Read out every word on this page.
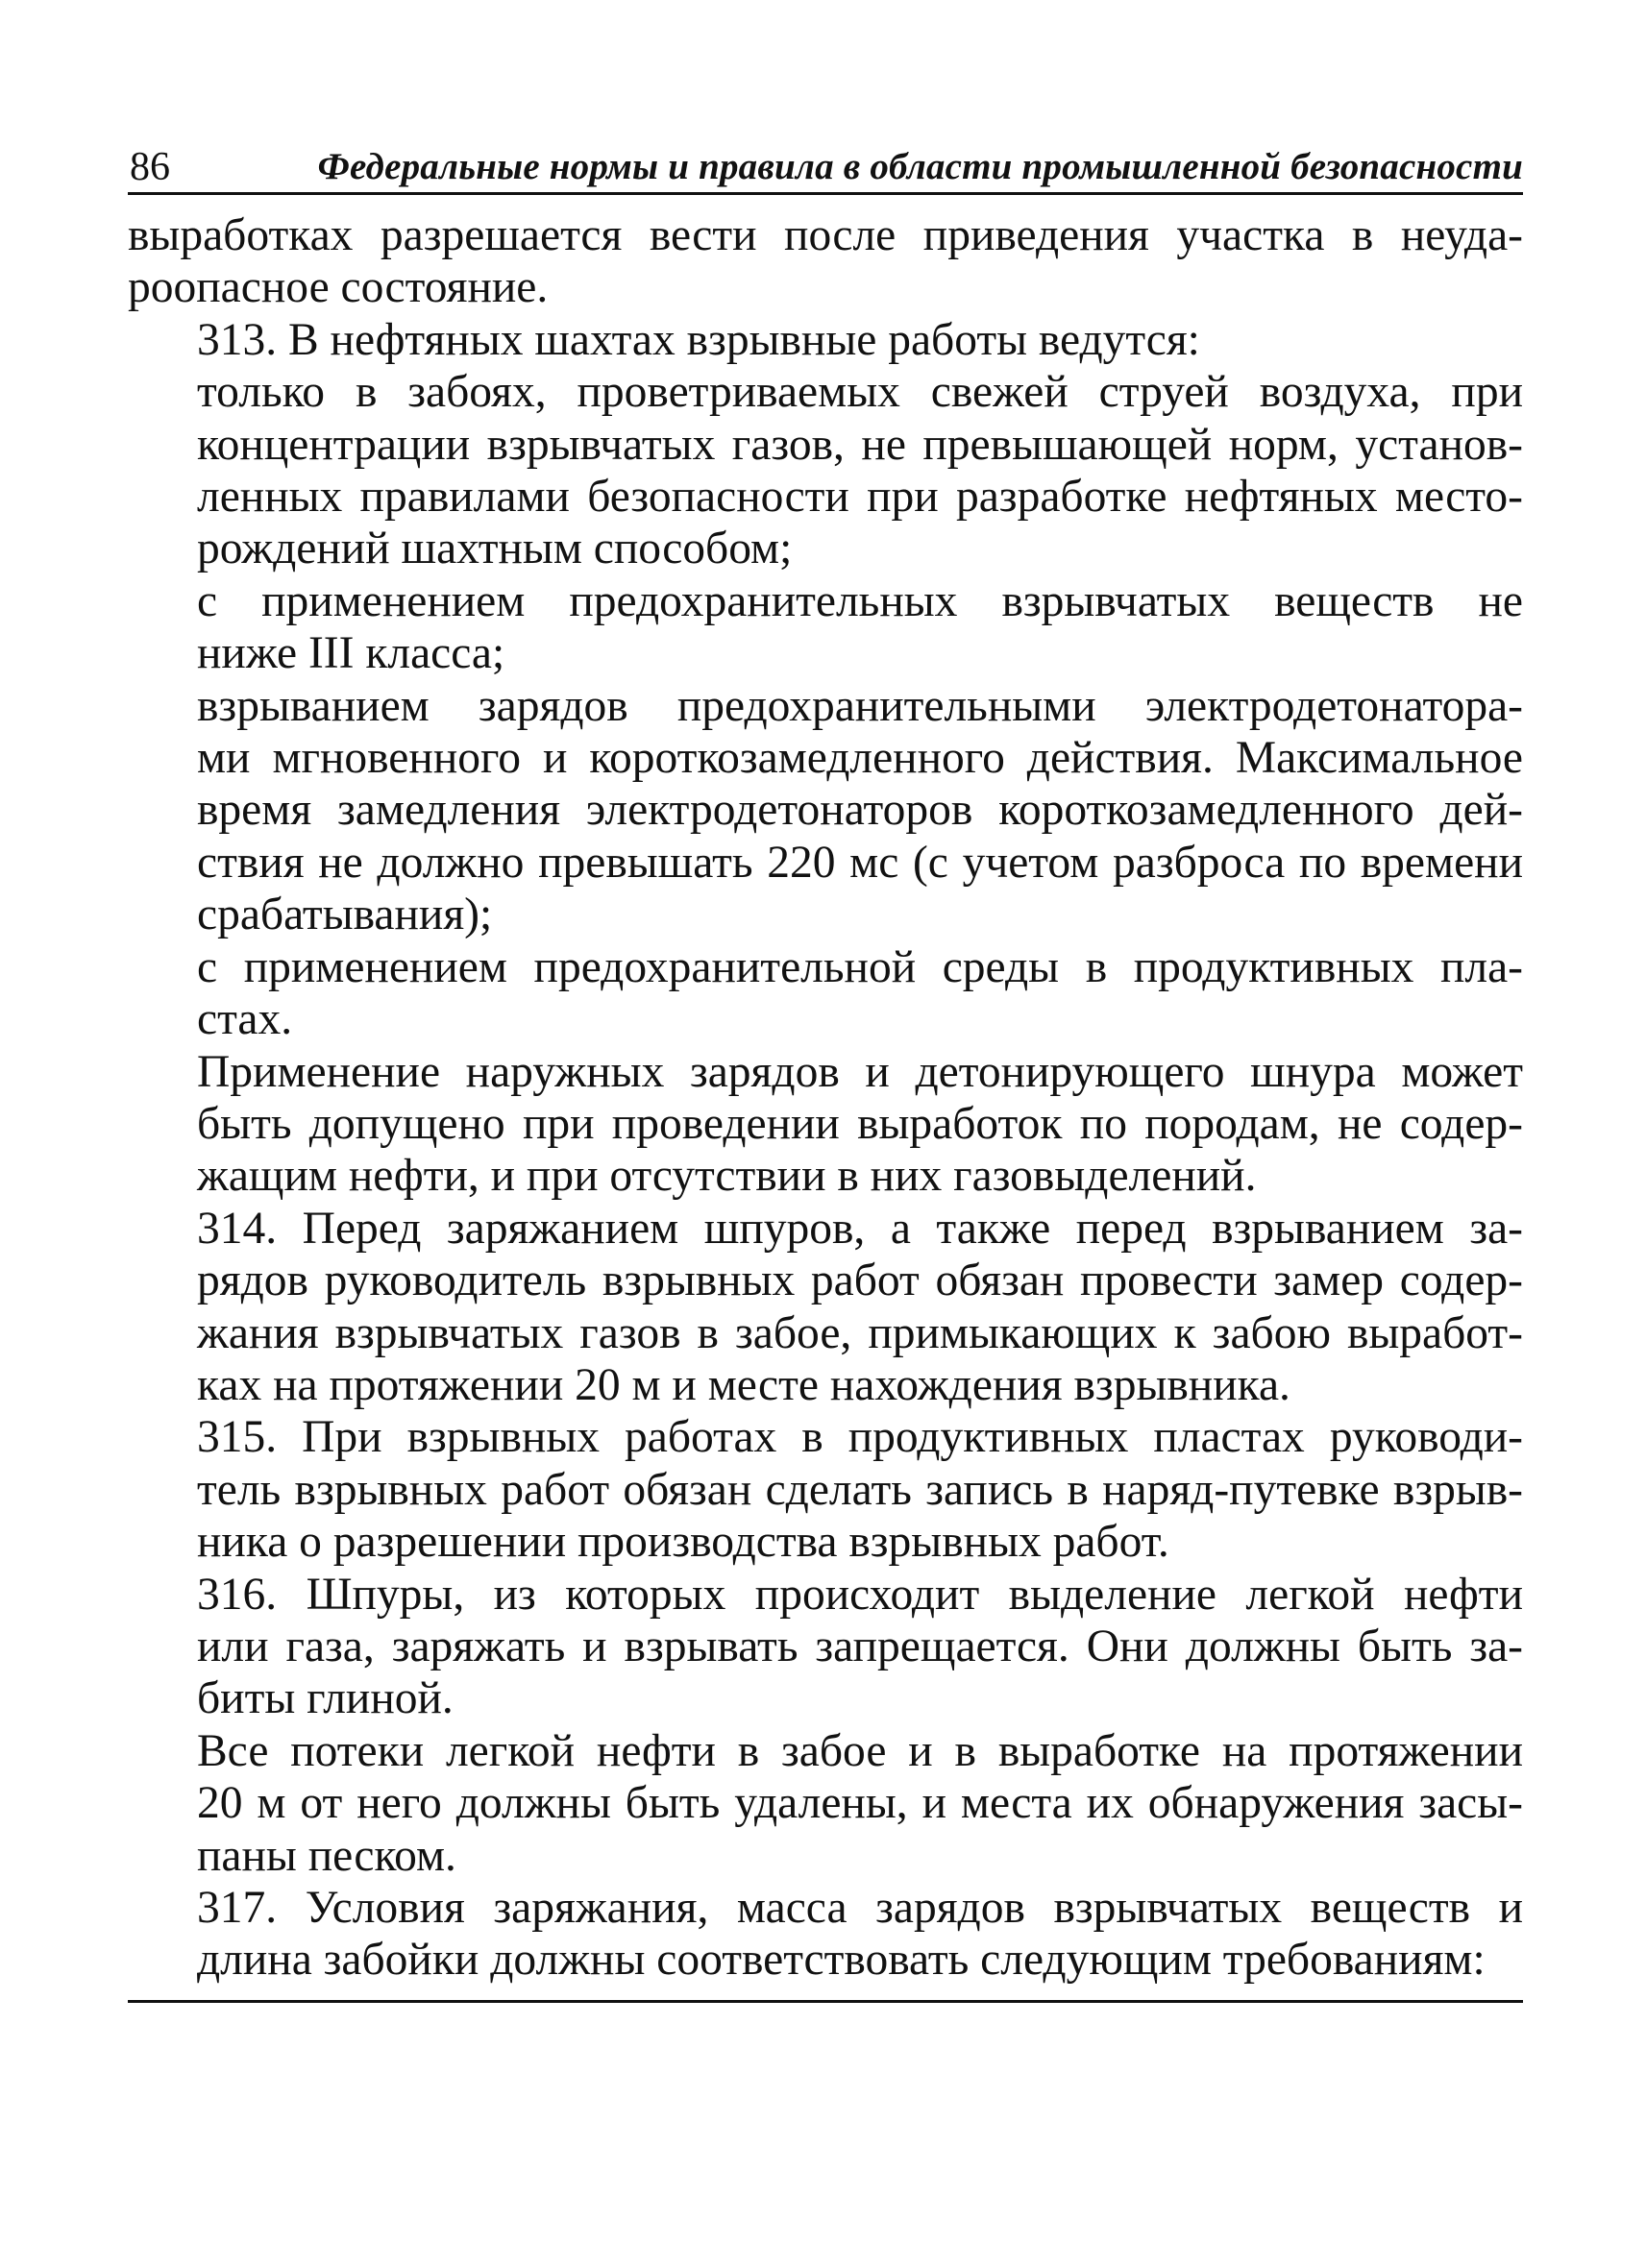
86	Федеральные нормы и правила в области промышленной безопасности

выработках разрешается вести после приведения участка в неуда-
роопасное состояние.

313. В нефтяных шахтах взрывные работы ведутся:

только в забоях, проветриваемых свежей струей воздуха, при
концентрации взрывчатых газов, не превышающей норм, установ-
ленных правилами безопасности при разработке нефтяных место-
рождений шахтным способом;

с применением предохранительных взрывчатых веществ не
ниже III класса;

взрыванием зарядов предохранительными электродетонатора-
ми мгновенного и короткозамедленного действия. Максимальное
время замедления электродетонаторов короткозамедленного дей-
ствия не должно превышать 220 мс (с учетом разброса по времени
срабатывания);

с применением предохранительной среды в продуктивных пла-
стах.

Применение наружных зарядов и детонирующего шнура может
быть допущено при проведении выработок по породам, не содер-
жащим нефти, и при отсутствии в них газовыделений.

314. Перед заряжанием шпуров, а также перед взрыванием за-
рядов руководитель взрывных работ обязан провести замер содер-
жания взрывчатых газов в забое, примыкающих к забою выработ-
ках на протяжении 20 м и месте нахождения взрывника.

315. При взрывных работах в продуктивных пластах руководи-
тель взрывных работ обязан сделать запись в наряд-путевке взрыв-
ника о разрешении производства взрывных работ.

316. Шпуры, из которых происходит выделение легкой нефти
или газа, заряжать и взрывать запрещается. Они должны быть за-
биты глиной.

Все потеки легкой нефти в забое и в выработке на протяжении
20 м от него должны быть удалены, и места их обнаружения засы-
паны песком.

317. Условия заряжания, масса зарядов взрывчатых веществ и
длина забойки должны соответствовать следующим требованиям:
